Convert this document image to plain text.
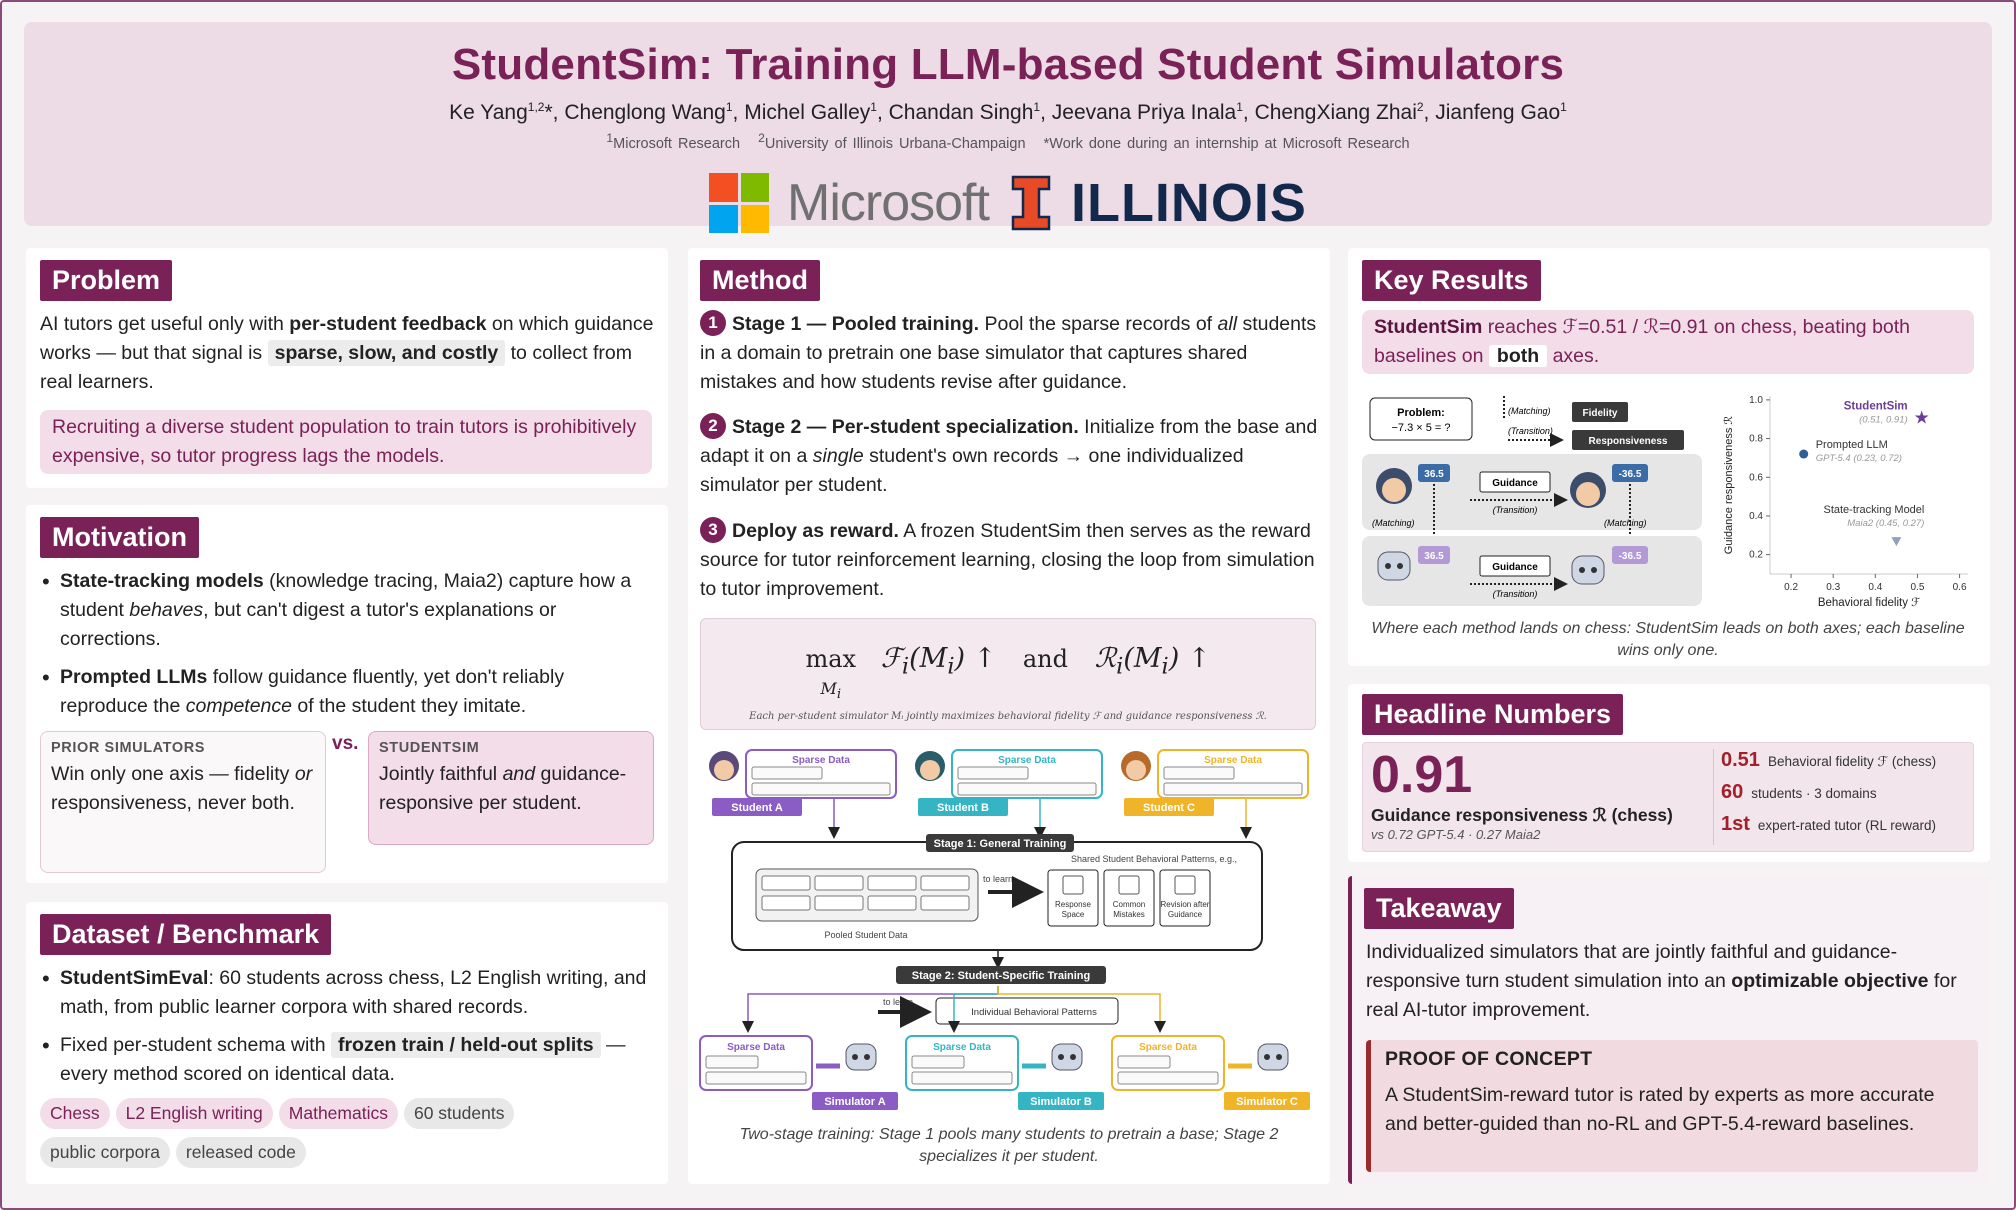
StudentSim: Training LLM-based Student Simulators
Ke Yang$^{1,2}$*, Chenglong Wang$^1$, Michel Galley$^1$, Chandan Singh$^1$, Jeevana Priya Inala$^1$, ChengXiang Zhai$^2$, Jianfeng Gao$^1$
$^1$Microsoft Research $^2$University of Illinois Urbana-Champaign *Work done during an internship at Microsoft Research
Microsoft ILLINOIS
Problem
AI tutors get useful only with per-student feedback on which guidance works — but that signal is sparse, slow, and costly to collect from real learners.
Recruiting a diverse student population to train tutors is prohibitively expensive, so tutor progress lags the models.
Motivation
• State-tracking models (knowledge tracing, Maia2) capture how a student behaves, but can't digest a tutor's explanations or corrections.
• Prompted LLMs follow guidance fluently, yet don't reliably reproduce the competence of the student they imitate.
PRIOR SIMULATORS
Win only one axis — fidelity or responsiveness, never both.
vs. STUDENTSIM
Jointly faithful and guidance-responsive per student.
Dataset / Benchmark
• StudentSimEval: 60 students across chess, L2 English writing, and math, from public learner corpora with shared records.
• Fixed per-student schema with frozen train / held-out splits — every method scored on identical data.
Chess L2 English writing Mathematics 60 studentspublic corpora released code
Method
1 Stage 1 — Pooled training. Pool the sparse records of all students in a domain to pretrain one base simulator that captures shared mistakes and how students revise after guidance.
2 Stage 2 — Per-student specialization. Initialize from the base and adapt it on a single student's own records → one individualized simulator per student.
3 Deploy as reward. A frozen StudentSim then serves as the reward source for tutor reinforcement learning, closing the loop from simulation to tutor improvement.
max
$M_i$ $ℱ_i(M_i)$ ↑ and $ℛ_i(M_i)$ ↑
Each per-student simulator Mᵢ jointly maximizes behavioral fidelity ℱ and guidance responsiveness ℛ.
Sparse Data
Student A
Sparse Data
Student B
Sparse Data
Student C
Stage 1: General Training
Pooled Student Data
to learn
Shared Student Behavioral Patterns, e.g.,
Response
Space
Common
Mistakes
Revision after
Guidance
Stage 2: Student-Specific Training
to learn
Individual Behavioral Patterns
Sparse Data
Simulator A
Sparse Data
Simulator B
Sparse Data
Simulator C
Two-stage training: Stage 1 pools many students to pretrain a base; Stage 2 specializes it per student.
Key Results
StudentSim reaches ℱ=0.51 / ℛ=0.91 on chess, beating both baselines on both axes.
Problem:
−7.3 × 5 = ?
(Matching)	Fidelity
(Transition)
Responsiveness
36.5
Guidance
(Transition)
-36.5
(Matching)	(Matching)
36.5
Guidance
(Transition)
-36.5
0.2	0.3	0.4	0.5	0.6
0.2
0.4
0.6
0.8
1.0
Behavioral fidelity ℱ
Guidance responsiveness ℛ	★
StudentSim
(0.51, 0.91)
Prompted LLM
GPT-5.4 (0.23, 0.72)
State-tracking Model
Maia2 (0.45, 0.27)
Where each method lands on chess: StudentSim leads on both axes; each baseline wins only one.
Headline Numbers
0.91
Guidance responsiveness ℛ (chess)
vs 0.72 GPT-5.4 · 0.27 Maia2
0.51 Behavioral fidelity ℱ (chess)
60 students · 3 domains
1st expert-rated tutor (RL reward)
Takeaway
Individualized simulators that are jointly faithful and guidance-responsive turn student simulation into an optimizable objective for real AI-tutor improvement.
PROOF OF CONCEPT
A StudentSim-reward tutor is rated by experts as more accurate and better-guided than no-RL and GPT-5.4-reward baselines.
